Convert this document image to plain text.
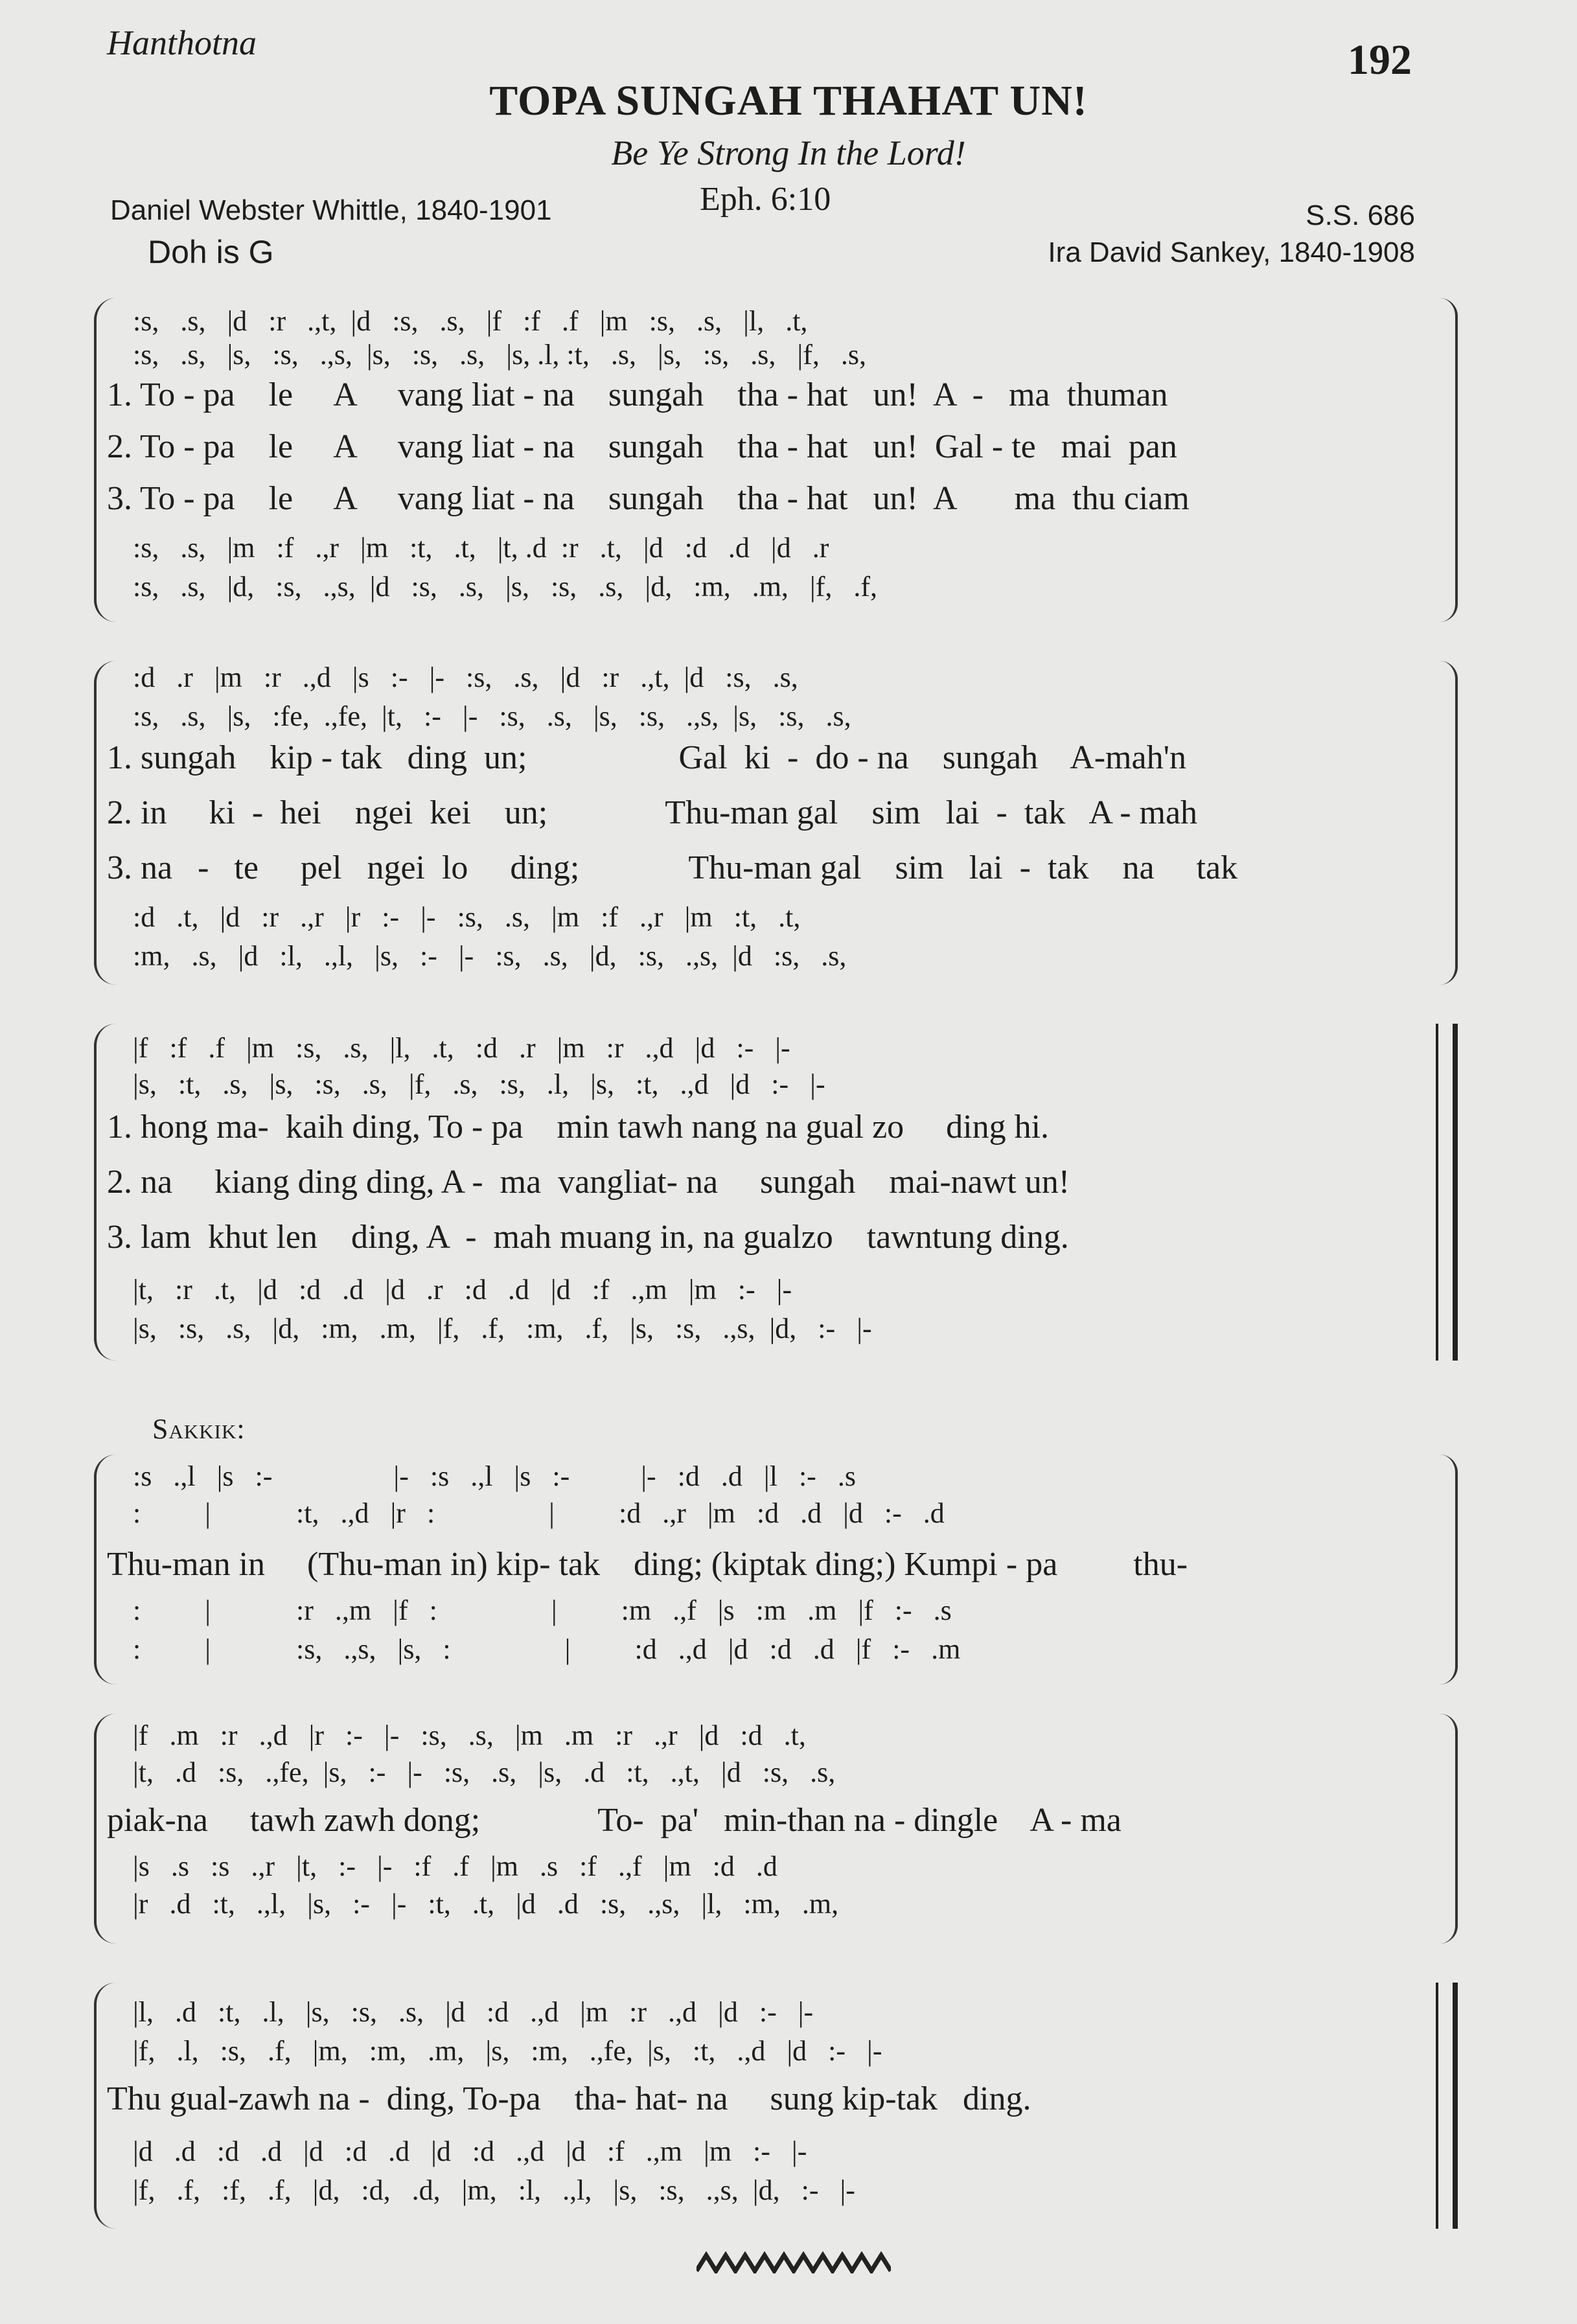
Hanthotna	192
TOPA SUNGAH THAHAT UN!
Be Ye Strong In the Lord!
Eph. 6:10
Daniel Webster Whittle, 1840-1901	S.S. 686
Doh is G	Ira David Sankey, 1840-1908
:s,   .s,   |d   :r   .,t,  |d   :s,   .s,   |f   :f   .f   |m   :s,   .s,   |l,   .t,
:s,   .s,   |s,   :s,   .,s,  |s,   :s,   .s,   |s, .l, :t,   .s,   |s,   :s,   .s,   |f,   .s,
1. To - pa    le     A     vang liat - na    sungah    tha - hat   un!  A  -   ma  thuman
2. To - pa    le     A     vang liat - na    sungah    tha - hat   un!  Gal - te   mai  pan
3. To - pa    le     A     vang liat - na    sungah    tha - hat   un!  A       ma  thu ciam
:s,   .s,   |m   :f   .,r   |m   :t,   .t,   |t, .d  :r   .t,   |d   :d   .d   |d   .r
:s,   .s,   |d,   :s,   .,s,  |d   :s,   .s,   |s,   :s,   .s,   |d,   :m,   .m,   |f,   .f,
:d   .r   |m   :r   .,d   |s   :-   |-   :s,   .s,   |d   :r   .,t,  |d   :s,   .s,
:s,   .s,   |s,   :fe,  .,fe,  |t,   :-   |-   :s,   .s,   |s,   :s,   .,s,  |s,   :s,   .s,
1. sungah    kip - tak   ding  un;                  Gal  ki  -  do - na    sungah    A-mah'n
2. in     ki  -  hei    ngei  kei    un;              Thu-man gal    sim   lai  -  tak   A - mah
3. na   -   te     pel   ngei  lo     ding;             Thu-man gal    sim   lai  -  tak    na     tak
:d   .t,   |d   :r   .,r   |r   :-   |-   :s,   .s,   |m   :f   .,r   |m   :t,   .t,
:m,   .s,   |d   :l,   .,l,   |s,   :-   |-   :s,   .s,   |d,   :s,   .,s,  |d   :s,   .s,
|f   :f   .f   |m   :s,   .s,   |l,   .t,   :d   .r   |m   :r   .,d   |d   :-   |-
|s,   :t,   .s,   |s,   :s,   .s,   |f,   .s,   :s,   .l,   |s,   :t,   .,d   |d   :-   |-
1. hong ma-  kaih ding, To - pa    min tawh nang na gual zo     ding hi.
2. na     kiang ding ding, A -  ma  vangliat- na     sungah    mai-nawt un!
3. lam  khut len    ding, A  -  mah muang in, na gualzo    tawntung ding.
|t,   :r   .t,   |d   :d   .d   |d   .r   :d   .d   |d   :f   .,m   |m   :-   |-
|s,   :s,   .s,   |d,   :m,   .m,   |f,   .f,   :m,   .f,   |s,   :s,   .,s,  |d,   :-   |-
Sakkik:
:s   .,l   |s   :-                 |-   :s   .,l   |s   :-          |-   :d   .d   |l   :-   .s
:         |            :t,   .,d   |r   :                |         :d   .,r   |m   :d   .d   |d   :-   .d
Thu-man in     (Thu-man in) kip- tak    ding; (kiptak ding;) Kumpi - pa         thu-
:         |            :r   .,m   |f   :                |         :m   .,f   |s   :m   .m   |f   :-   .s
:         |            :s,   .,s,   |s,   :                |         :d   .,d   |d   :d   .d   |f   :-   .m
|f   .m   :r   .,d   |r   :-   |-   :s,   .s,   |m   .m   :r   .,r   |d   :d   .t,
|t,   .d   :s,   .,fe,  |s,   :-   |-   :s,   .s,   |s,   .d   :t,   .,t,   |d   :s,   .s,
piak-na     tawh zawh dong;              To-  pa'   min-than na - dingle    A - ma
|s   .s   :s   .,r   |t,   :-   |-   :f   .f   |m   .s   :f   .,f   |m   :d   .d
|r   .d   :t,   .,l,   |s,   :-   |-   :t,   .t,   |d   .d   :s,   .,s,   |l,   :m,   .m,
|l,   .d   :t,   .l,   |s,   :s,   .s,   |d   :d   .,d   |m   :r   .,d   |d   :-   |-
|f,   .l,   :s,   .f,   |m,   :m,   .m,   |s,   :m,   .,fe,  |s,   :t,   .,d   |d   :-   |-
Thu gual-zawh na -  ding, To-pa    tha- hat- na     sung kip-tak   ding.
|d   .d   :d   .d   |d   :d   .d   |d   :d   .,d   |d   :f   .,m   |m   :-   |-
|f,   .f,   :f,   .f,   |d,   :d,   .d,   |m,   :l,   .,l,   |s,   :s,   .,s,  |d,   :-   |-
